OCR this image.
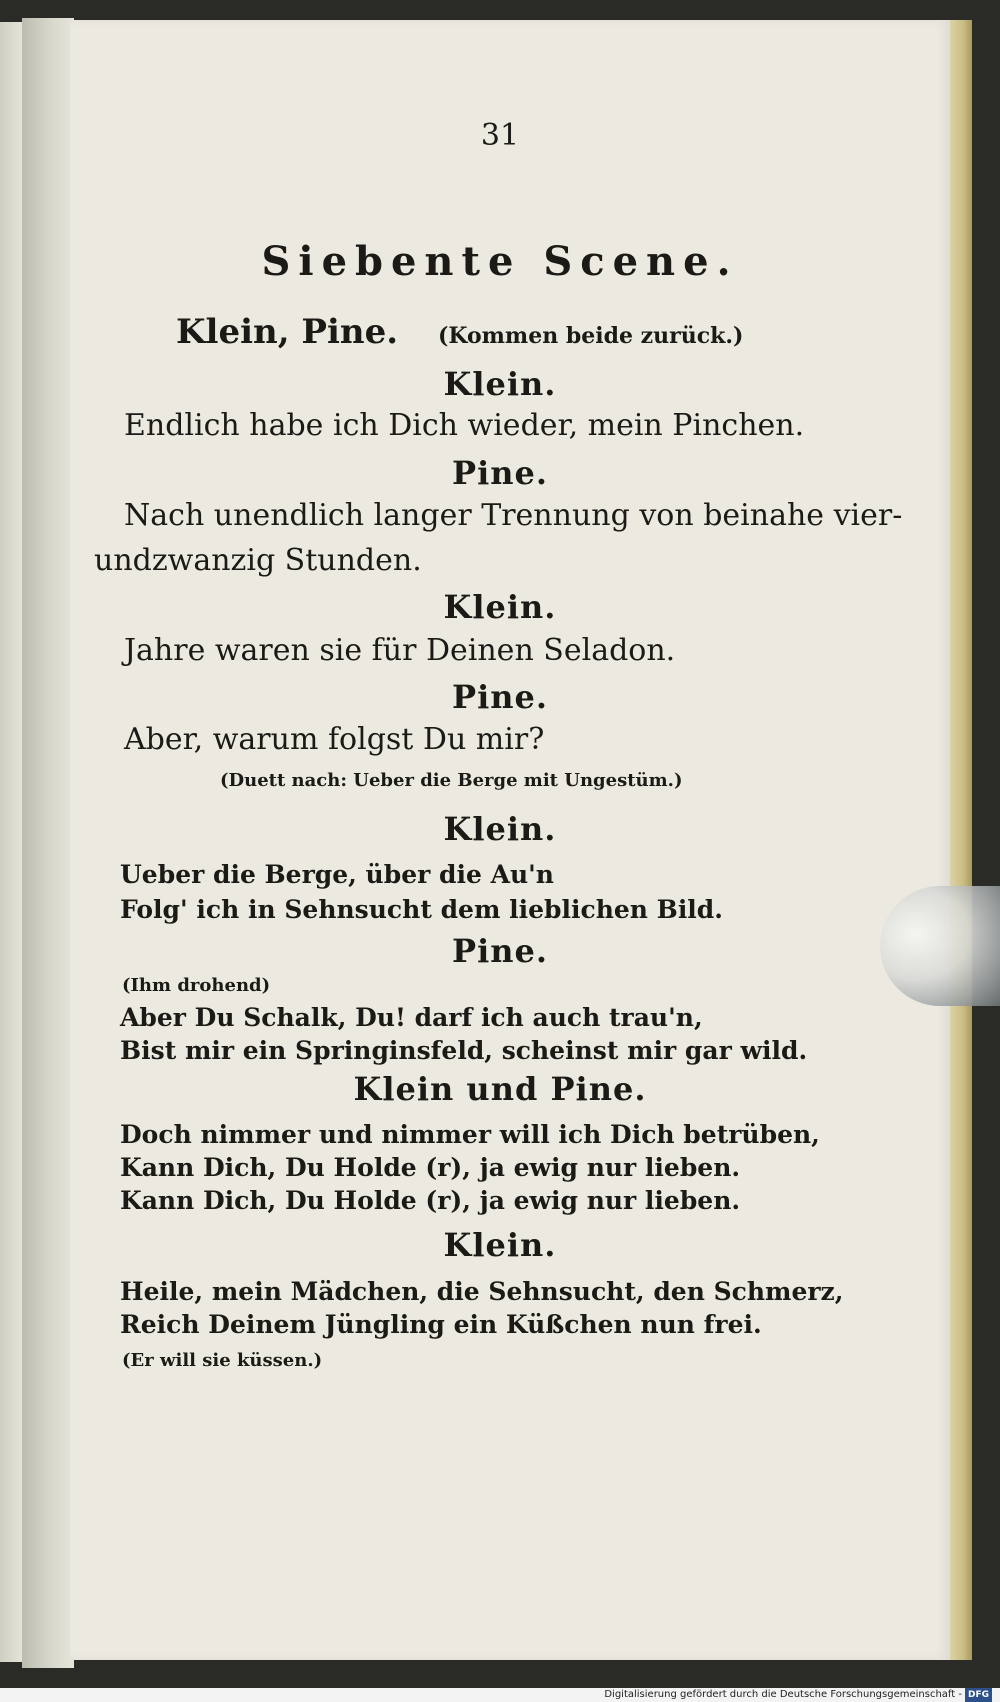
31
Siebente Scene.
Klein, Pine. (Kommen beide zurück.)
Klein.
Endlich habe ich Dich wieder, mein Pinchen.
Pine.
Nach unendlich langer Trennung von beinahe vier-
undzwanzig Stunden.
Klein.
Jahre waren sie für Deinen Seladon.
Pine.
Aber, warum folgst Du mir?
(Duett nach: Ueber die Berge mit Ungestüm.)
Klein.
Ueber die Berge, über die Au'n
Folg' ich in Sehnsucht dem lieblichen Bild.
Pine.
(Ihm drohend)
Aber Du Schalk, Du! darf ich auch trau'n,
Bist mir ein Springinsfeld, scheinst mir gar wild.
Klein und Pine.
Doch nimmer und nimmer will ich Dich betrüben,
Kann Dich, Du Holde (r), ja ewig nur lieben.
Kann Dich, Du Holde (r), ja ewig nur lieben.
Klein.
Heile, mein Mädchen, die Sehnsucht, den Schmerz,
Reich Deinem Jüngling ein Küßchen nun frei.
(Er will sie küssen.)
Digitalisierung gefördert durch die Deutsche Forschungsgemeinschaft - DFG
